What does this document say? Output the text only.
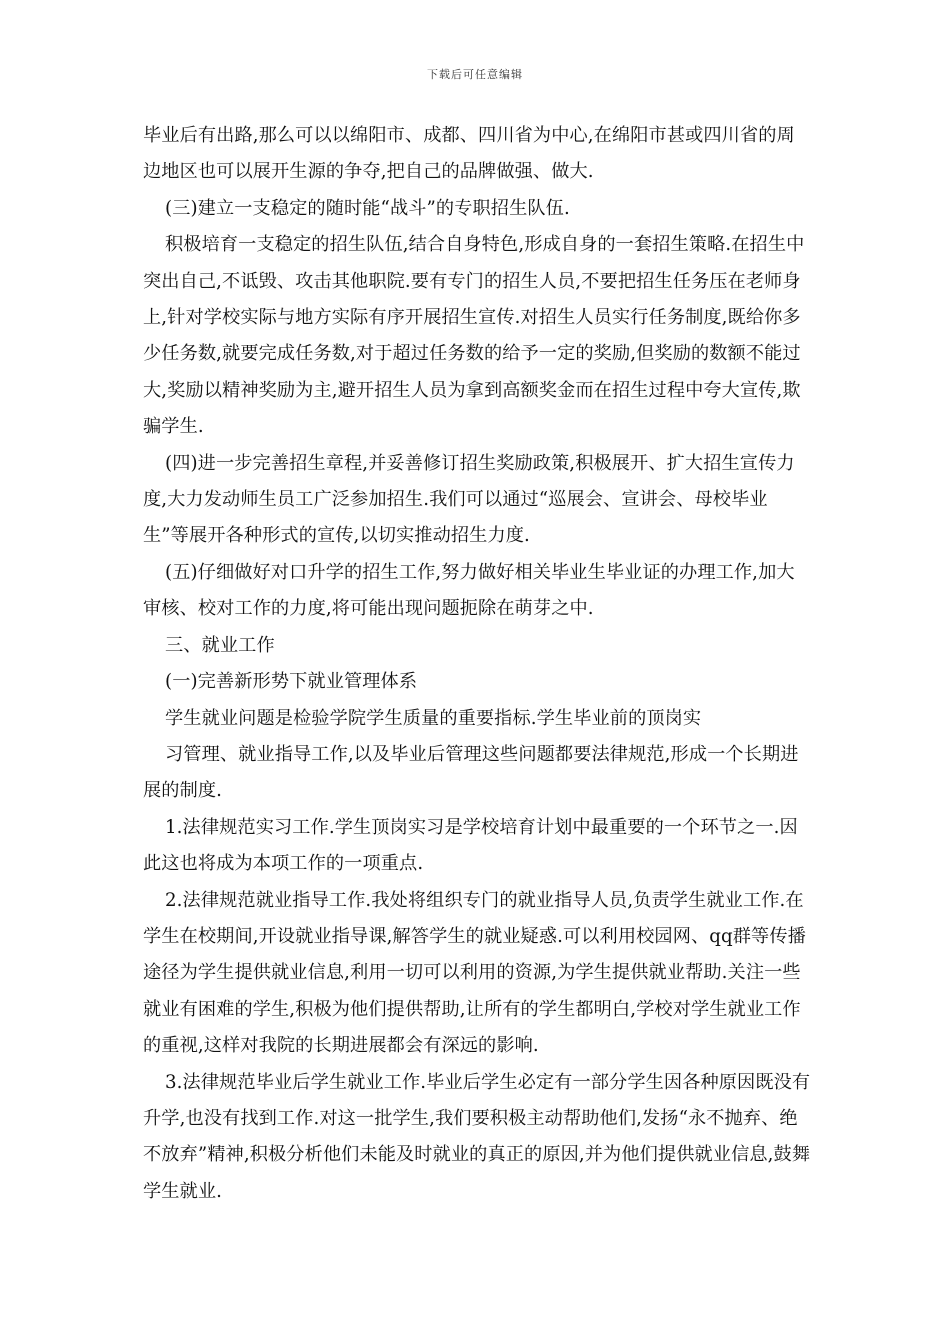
下载后可任意编辑

毕业后有出路,那么可以以绵阳市、成都、四川省为中心,在绵阳市甚或四川省的周边地区也可以展开生源的争夺,把自己的品牌做强、做大.

(三)建立一支稳定的随时能“战斗”的专职招生队伍.

积极培育一支稳定的招生队伍,结合自身特色,形成自身的一套招生策略.在招生中突出自己,不诋毁、攻击其他职院.要有专门的招生人员,不要把招生任务压在老师身上,针对学校实际与地方实际有序开展招生宣传.对招生人员实行任务制度,既给你多少任务数,就要完成任务数,对于超过任务数的给予一定的奖励,但奖励的数额不能过大,奖励以精神奖励为主,避开招生人员为拿到高额奖金而在招生过程中夸大宣传,欺骗学生.

(四)进一步完善招生章程,并妥善修订招生奖励政策,积极展开、扩大招生宣传力度,大力发动师生员工广泛参加招生.我们可以通过“巡展会、宣讲会、母校毕业生”等展开各种形式的宣传,以切实推动招生力度.

(五)仔细做好对口升学的招生工作,努力做好相关毕业生毕业证的办理工作,加大审核、校对工作的力度,将可能出现问题扼除在萌芽之中.

三、就业工作

(一)完善新形势下就业管理体系

学生就业问题是检验学院学生质量的重要指标.学生毕业前的顶岗实

习管理、就业指导工作,以及毕业后管理这些问题都要法律规范,形成一个长期进展的制度.

1.法律规范实习工作.学生顶岗实习是学校培育计划中最重要的一个环节之一.因此这也将成为本项工作的一项重点.

2.法律规范就业指导工作.我处将组织专门的就业指导人员,负责学生就业工作.在学生在校期间,开设就业指导课,解答学生的就业疑惑.可以利用校园网、qq群等传播途径为学生提供就业信息,利用一切可以利用的资源,为学生提供就业帮助.关注一些就业有困难的学生,积极为他们提供帮助,让所有的学生都明白,学校对学生就业工作的重视,这样对我院的长期进展都会有深远的影响.

3.法律规范毕业后学生就业工作.毕业后学生必定有一部分学生因各种原因既没有升学,也没有找到工作.对这一批学生,我们要积极主动帮助他们,发扬“永不抛弃、绝不放弃”精神,积极分析他们未能及时就业的真正的原因,并为他们提供就业信息,鼓舞学生就业.
